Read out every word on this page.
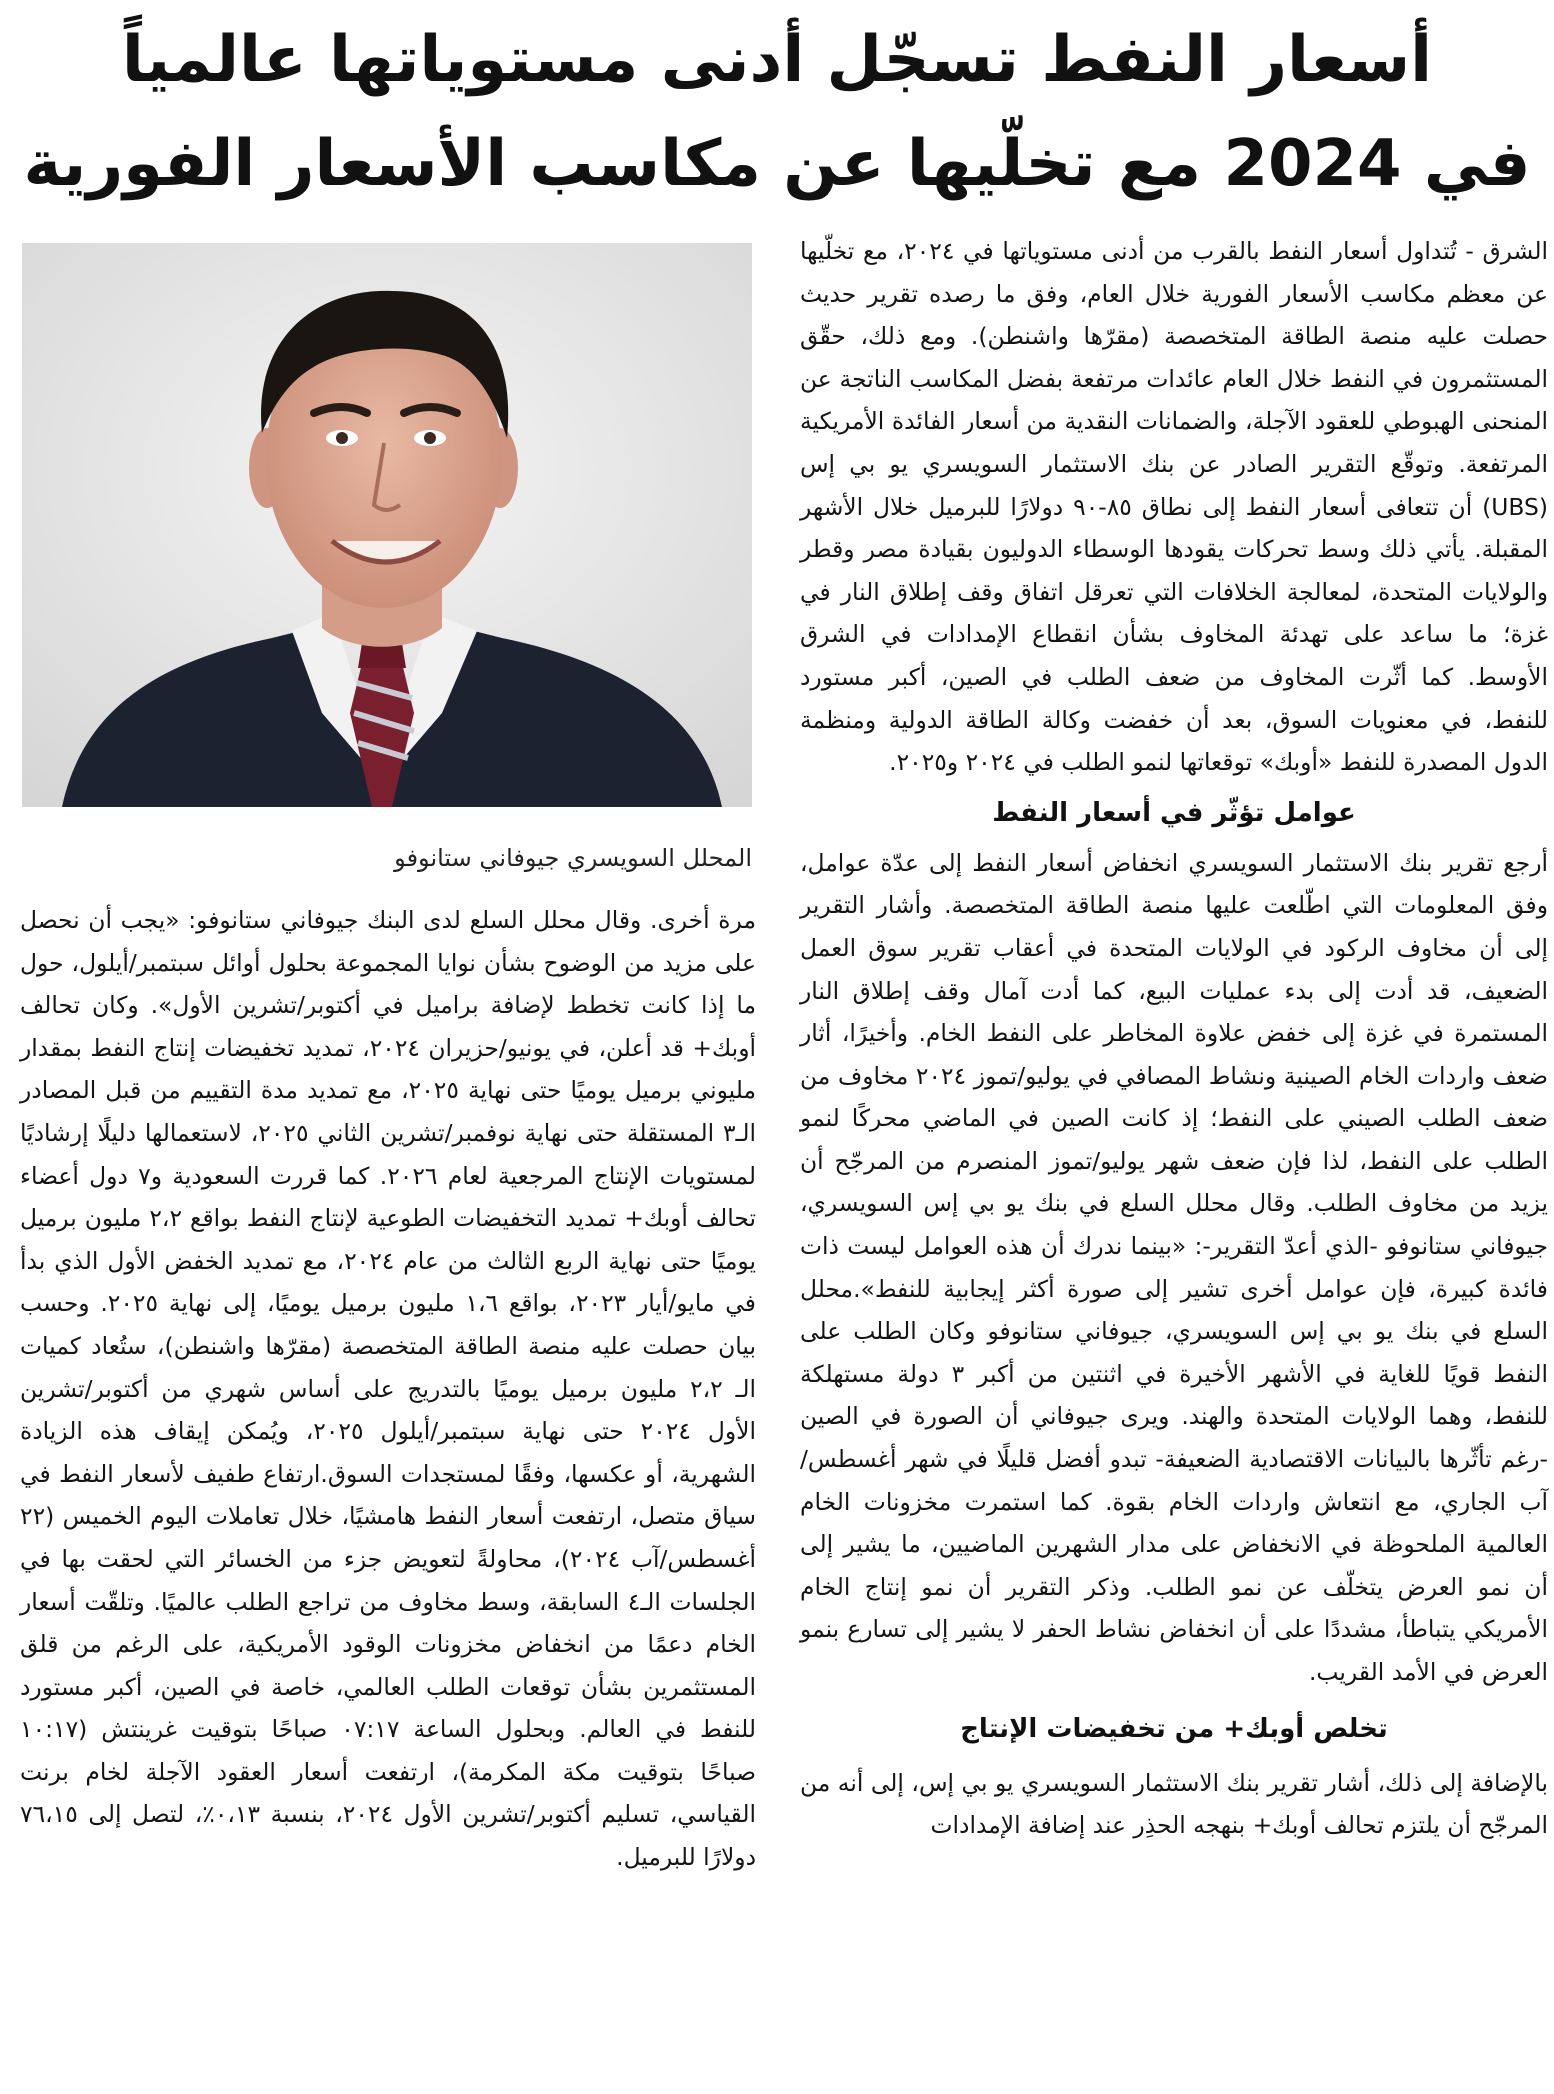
أسعار النفط تسجّل أدنى مستوياتها عالمياً
في 2024 مع تخلّيها عن مكاسب الأسعار الفورية
المحلل السويسري جيوفاني ستانوفو

الشرق - تُتداول أسعار النفط بالقرب من أدنى مستوياتها في ٢٠٢٤، مع تخلّيها عن معظم مكاسب الأسعار الفورية خلال العام، وفق ما رصده تقرير حديث حصلت عليه منصة الطاقة المتخصصة (مقرّها واشنطن). ومع ذلك، حقّق المستثمرون في النفط خلال العام عائدات مرتفعة بفضل المكاسب الناتجة عن المنحنى الهبوطي للعقود الآجلة، والضمانات النقدية من أسعار الفائدة الأمريكية المرتفعة. وتوقّع التقرير الصادر عن بنك الاستثمار السويسري يو بي إس (UBS) أن تتعافى أسعار النفط إلى نطاق ٨٥-٩٠ دولارًا للبرميل خلال الأشهر المقبلة. يأتي ذلك وسط تحركات يقودها الوسطاء الدوليون بقيادة مصر وقطر والولايات المتحدة، لمعالجة الخلافات التي تعرقل اتفاق وقف إطلاق النار في غزة؛ ما ساعد على تهدئة المخاوف بشأن انقطاع الإمدادات في الشرق الأوسط. كما أثّرت المخاوف من ضعف الطلب في الصين، أكبر مستورد للنفط، في معنويات السوق، بعد أن خفضت وكالة الطاقة الدولية ومنظمة الدول المصدرة للنفط «أوبك» توقعاتها لنمو الطلب في ٢٠٢٤ و٢٠٢٥.

عوامل تؤثّر في أسعار النفط

أرجع تقرير بنك الاستثمار السويسري انخفاض أسعار النفط إلى عدّة عوامل، وفق المعلومات التي اطّلعت عليها منصة الطاقة المتخصصة. وأشار التقرير إلى أن مخاوف الركود في الولايات المتحدة في أعقاب تقرير سوق العمل الضعيف، قد أدت إلى بدء عمليات البيع، كما أدت آمال وقف إطلاق النار المستمرة في غزة إلى خفض علاوة المخاطر على النفط الخام. وأخيرًا، أثار ضعف واردات الخام الصينية ونشاط المصافي في يوليو/تموز ٢٠٢٤ مخاوف من ضعف الطلب الصيني على النفط؛ إذ كانت الصين في الماضي محركًا لنمو الطلب على النفط، لذا فإن ضعف شهر يوليو/تموز المنصرم من المرجّح أن يزيد من مخاوف الطلب. وقال محلل السلع في بنك يو بي إس السويسري، جيوفاني ستانوفو -الذي أعدّ التقرير-: «بينما ندرك أن هذه العوامل ليست ذات فائدة كبيرة، فإن عوامل أخرى تشير إلى صورة أكثر إيجابية للنفط».محلل السلع في بنك يو بي إس السويسري، جيوفاني ستانوفو وكان الطلب على النفط قويًا للغاية في الأشهر الأخيرة في اثنتين من أكبر ٣ دولة مستهلكة للنفط، وهما الولايات المتحدة والهند. ويرى جيوفاني أن الصورة في الصين -رغم تأثّرها بالبيانات الاقتصادية الضعيفة- تبدو أفضل قليلًا في شهر أغسطس/آب الجاري، مع انتعاش واردات الخام بقوة. كما استمرت مخزونات الخام العالمية الملحوظة في الانخفاض على مدار الشهرين الماضيين، ما يشير إلى أن نمو العرض يتخلّف عن نمو الطلب. وذكر التقرير أن نمو إنتاج الخام الأمريكي يتباطأ، مشددًا على أن انخفاض نشاط الحفر لا يشير إلى تسارع بنمو العرض في الأمد القريب.

تخلص أوبك+ من تخفيضات الإنتاج

بالإضافة إلى ذلك، أشار تقرير بنك الاستثمار السويسري يو بي إس، إلى أنه من المرجّح أن يلتزم تحالف أوبك+ بنهجه الحذِر عند إضافة الإمدادات

مرة أخرى. وقال محلل السلع لدى البنك جيوفاني ستانوفو: «يجب أن نحصل على مزيد من الوضوح بشأن نوايا المجموعة بحلول أوائل سبتمبر/أيلول، حول ما إذا كانت تخطط لإضافة براميل في أكتوبر/تشرين الأول». وكان تحالف أوبك+ قد أعلن، في يونيو/حزيران ٢٠٢٤، تمديد تخفيضات إنتاج النفط بمقدار مليوني برميل يوميًا حتى نهاية ٢٠٢٥، مع تمديد مدة التقييم من قبل المصادر الـ٣ المستقلة حتى نهاية نوفمبر/تشرين الثاني ٢٠٢٥، لاستعمالها دليلًا إرشاديًا لمستويات الإنتاج المرجعية لعام ٢٠٢٦. كما قررت السعودية و٧ دول أعضاء تحالف أوبك+ تمديد التخفيضات الطوعية لإنتاج النفط بواقع ٢،٢ مليون برميل يوميًا حتى نهاية الربع الثالث من عام ٢٠٢٤، مع تمديد الخفض الأول الذي بدأ في مايو/أيار ٢٠٢٣، بواقع ١،٦ مليون برميل يوميًا، إلى نهاية ٢٠٢٥. وحسب بيان حصلت عليه منصة الطاقة المتخصصة (مقرّها واشنطن)، ستُعاد كميات الـ ٢،٢ مليون برميل يوميًا بالتدريج على أساس شهري من أكتوبر/تشرين الأول ٢٠٢٤ حتى نهاية سبتمبر/أيلول ٢٠٢٥، ويُمكن إيقاف هذه الزيادة الشهرية، أو عكسها، وفقًا لمستجدات السوق.ارتفاع طفيف لأسعار النفط في سياق متصل، ارتفعت أسعار النفط هامشيًا، خلال تعاملات اليوم الخميس (٢٢ أغسطس/آب ٢٠٢٤)، محاولةً لتعويض جزء من الخسائر التي لحقت بها في الجلسات الـ٤ السابقة، وسط مخاوف من تراجع الطلب عالميًا. وتلقّت أسعار الخام دعمًا من انخفاض مخزونات الوقود الأمريكية، على الرغم من قلق المستثمرين بشأن توقعات الطلب العالمي، خاصة في الصين، أكبر مستورد للنفط في العالم. وبحلول الساعة ٠٧:١٧ صباحًا بتوقيت غرينتش (١٠:١٧ صباحًا بتوقيت مكة المكرمة)، ارتفعت أسعار العقود الآجلة لخام برنت القياسي، تسليم أكتوبر/تشرين الأول ٢٠٢٤، بنسبة ٠،١٣٪، لتصل إلى ٧٦،١٥ دولارًا للبرميل.
